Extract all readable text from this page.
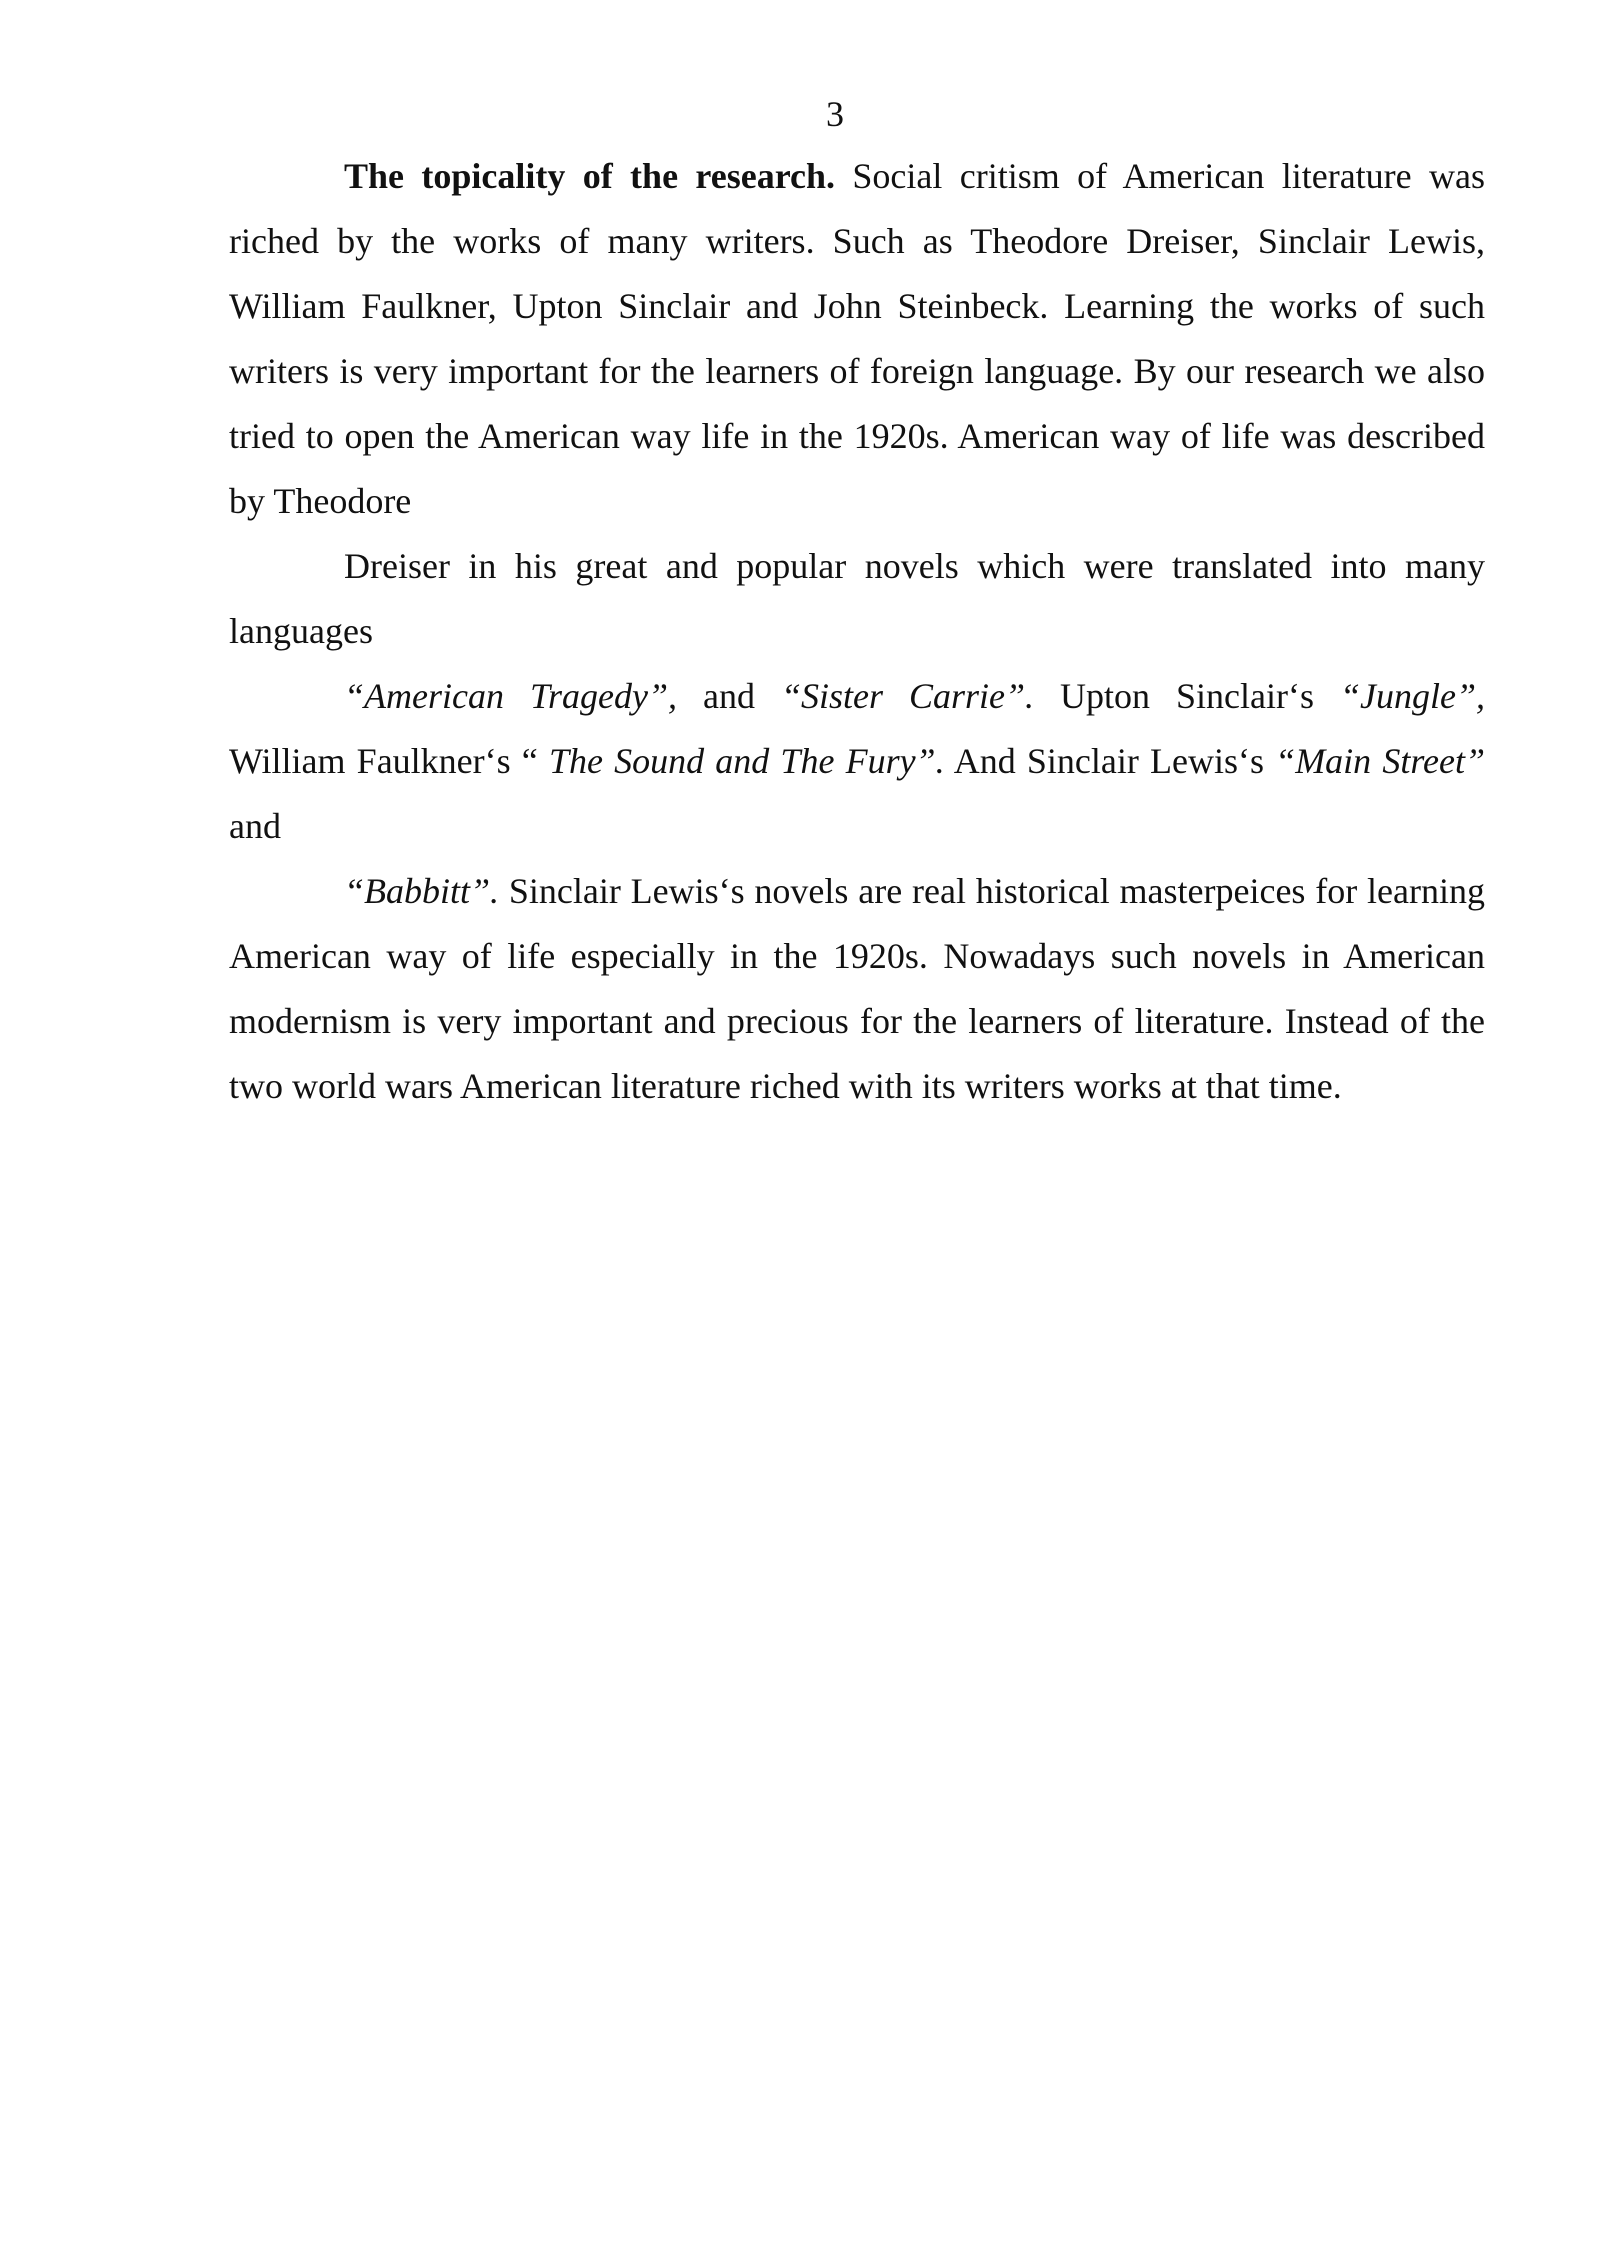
3

The topicality of the research. Social critism of American literature was riched by the works of many writers. Such as Theodore Dreiser, Sinclair Lewis, William Faulkner, Upton Sinclair and John Steinbeck. Learning the works of such writers is very important for the learners of foreign language. By our research we also tried to open the American way life in the 1920s. American way of life was described by Theodore

Dreiser in his great and popular novels which were translated into many languages

“American Tragedy”, and “Sister Carrie”. Upton Sinclair‘s “Jungle”, William Faulkner‘s “ The Sound and The Fury”. And Sinclair Lewis‘s “Main Street” and

“Babbitt”. Sinclair Lewis‘s novels are real historical masterpeices for learning American way of life especially in the 1920s. Nowadays such novels in American modernism is very important and precious for the learners of literature. Instead of the two world wars American literature riched with its writers works at that time.
